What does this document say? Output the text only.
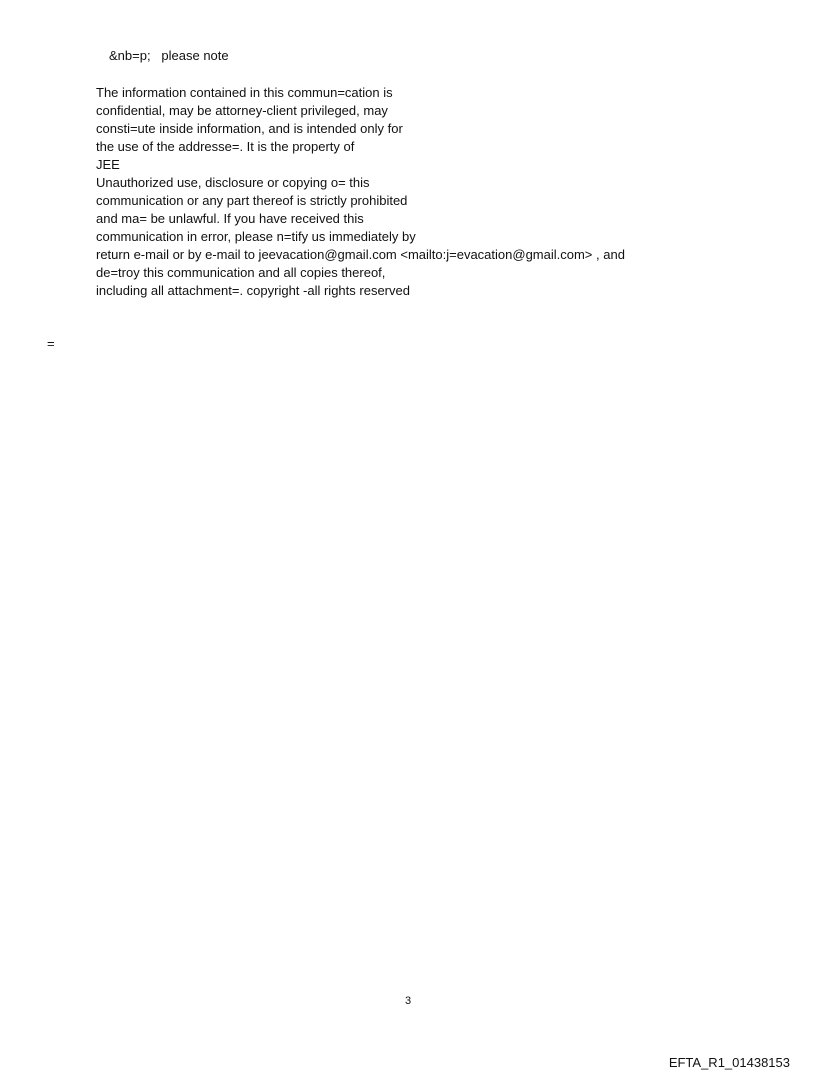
&nb=p;   please note
The information contained in this commun=cation is
confidential, may be attorney-client privileged, may
consti=ute inside information, and is intended only for
the use of the addresse=. It is the property of
JEE
Unauthorized use, disclosure or copying o= this
communication or any part thereof is strictly prohibited
and ma= be unlawful. If you have received this
communication in error, please n=tify us immediately by
return e-mail or by e-mail to jeevacation@gmail.com <mailto:j=evacation@gmail.com> , and
de=troy this communication and all copies thereof,
including all attachment=. copyright -all rights reserved
=
3
EFTA_R1_01438153
